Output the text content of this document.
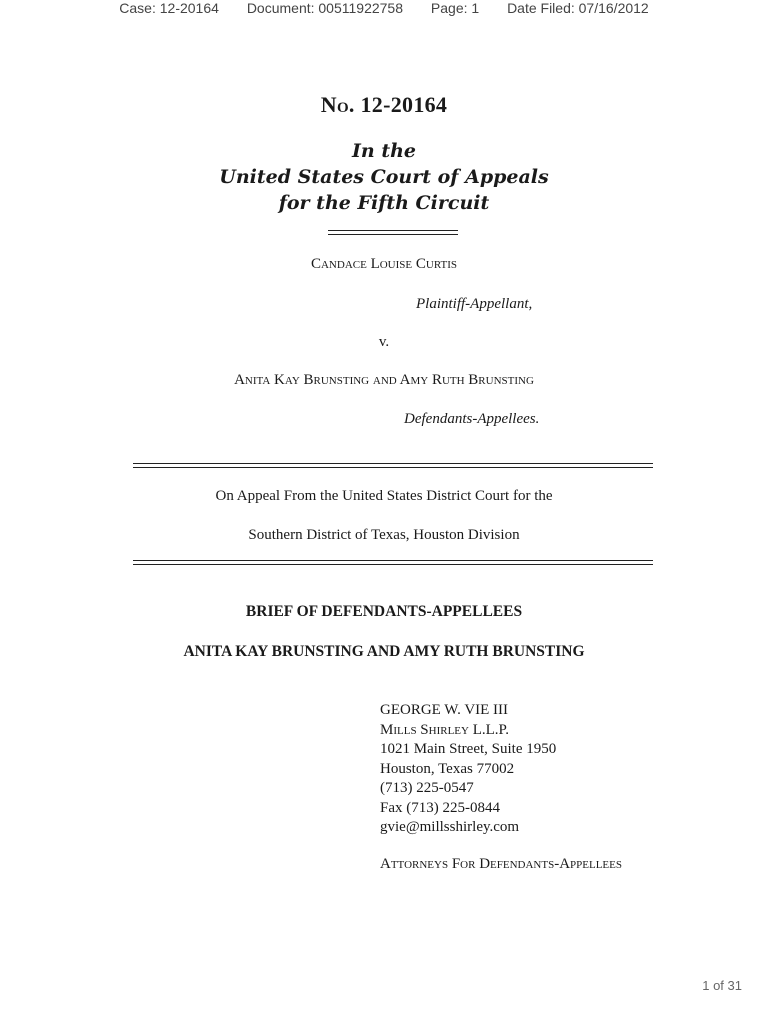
Case: 12-20164 Document: 00511922758 Page: 1 Date Filed: 07/16/2012
No. 12-20164
In the
United States Court of Appeals
for the Fifth Circuit
Candace Louise Curtis
Plaintiff-Appellant,
v.
Anita Kay Brunsting and Amy Ruth Brunsting
Defendants-Appellees.
On Appeal From the United States District Court for the
Southern District of Texas, Houston Division
BRIEF OF DEFENDANTS-APPELLEES
ANITA KAY BRUNSTING AND AMY RUTH BRUNSTING
GEORGE W. VIE III
Mills Shirley L.L.P.
1021 Main Street, Suite 1950
Houston, Texas 77002
(713) 225-0547
Fax (713) 225-0844
gvie@millsshirley.com
Attorneys For Defendants-Appellees
1 of 31
